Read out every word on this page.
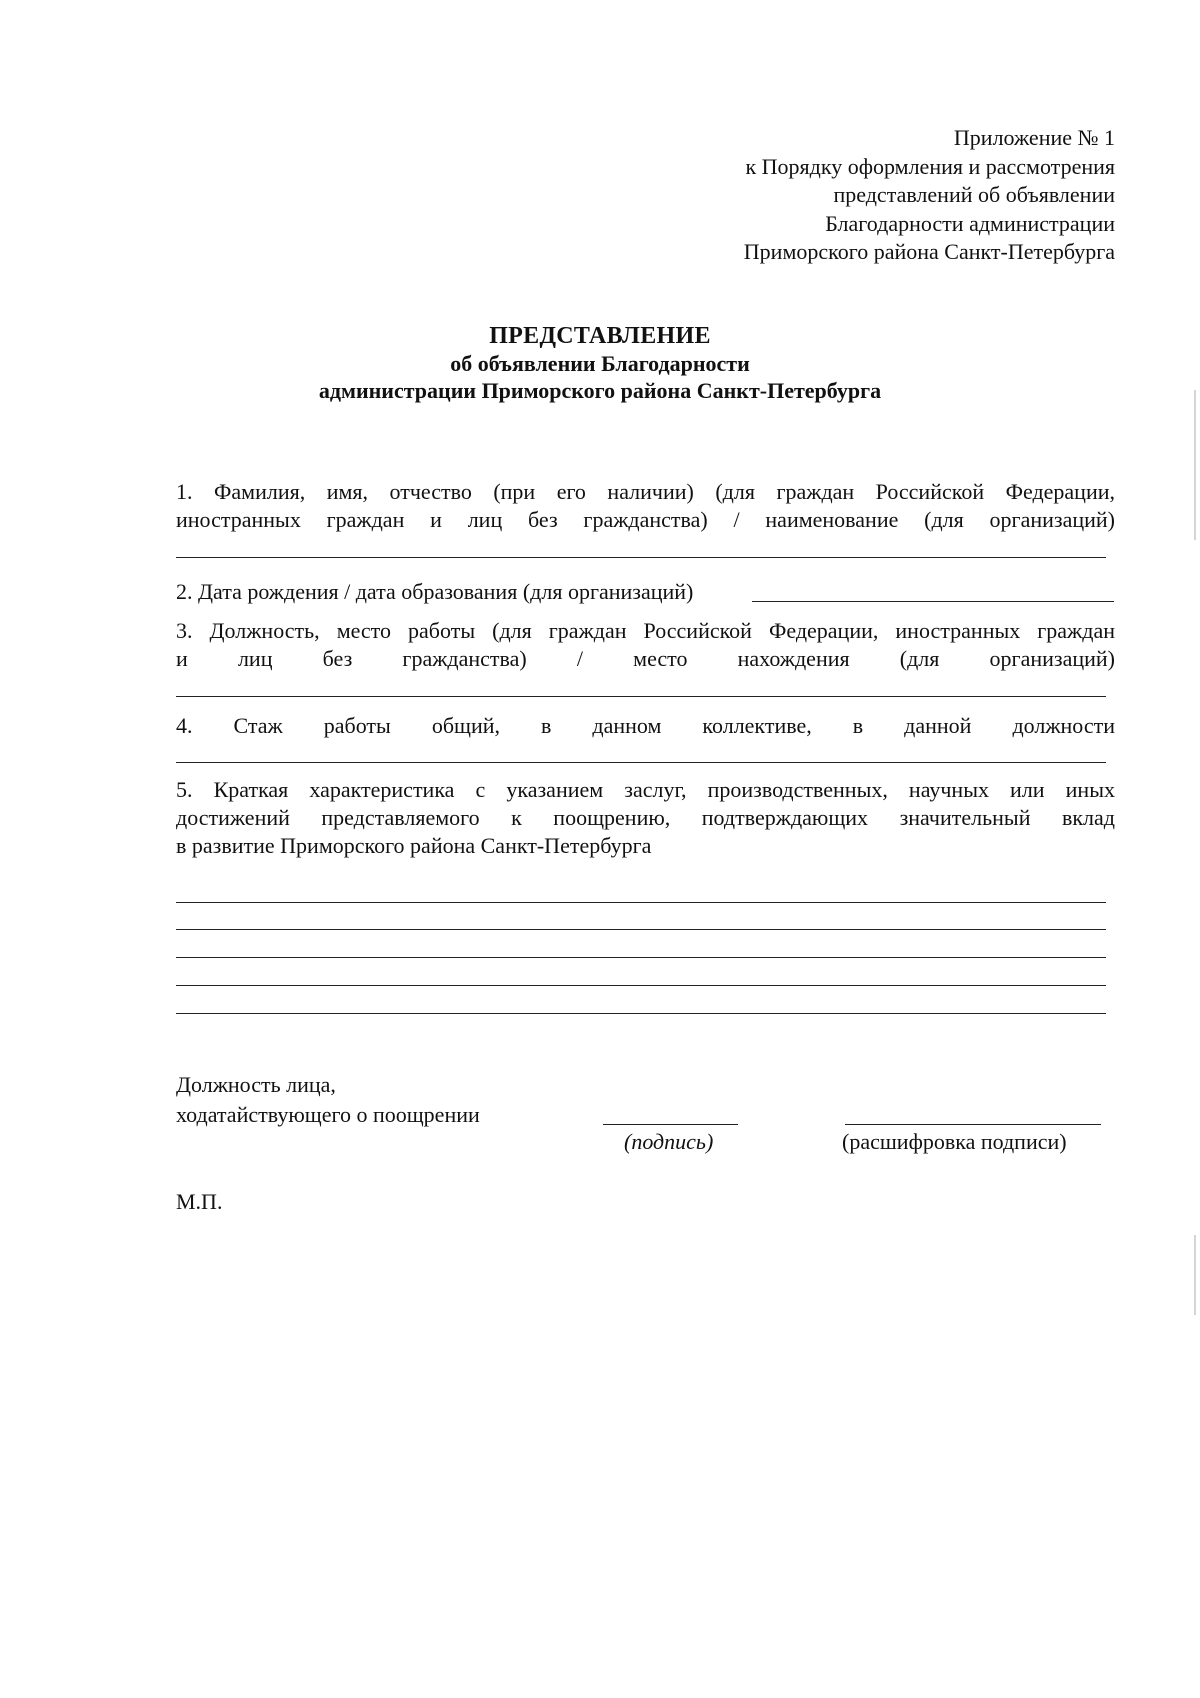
Приложение № 1
к Порядку оформления и рассмотрения
представлений об объявлении
Благодарности администрации
Приморского района Санкт-Петербурга
ПРЕДСТАВЛЕНИЕ
об объявлении Благодарности
администрации Приморского района Санкт-Петербурга
1. Фамилия, имя, отчество (при его наличии) (для граждан Российской Федерации,
иностранных граждан и лиц без гражданства) / наименование (для организаций)
2. Дата рождения / дата образования (для организаций)
3. Должность, место работы (для граждан Российской Федерации, иностранных граждан
и лиц без гражданства) / место нахождения (для организаций)
4. Стаж работы общий, в данном коллективе, в данной должности
5. Краткая характеристика с указанием заслуг, производственных, научных или иных
достижений представляемого к поощрению, подтверждающих значительный вклад
в развитие Приморского района Санкт-Петербурга
Должность лица,
ходатайствующего о поощрении
(подпись)	(расшифровка подписи)
М.П.
